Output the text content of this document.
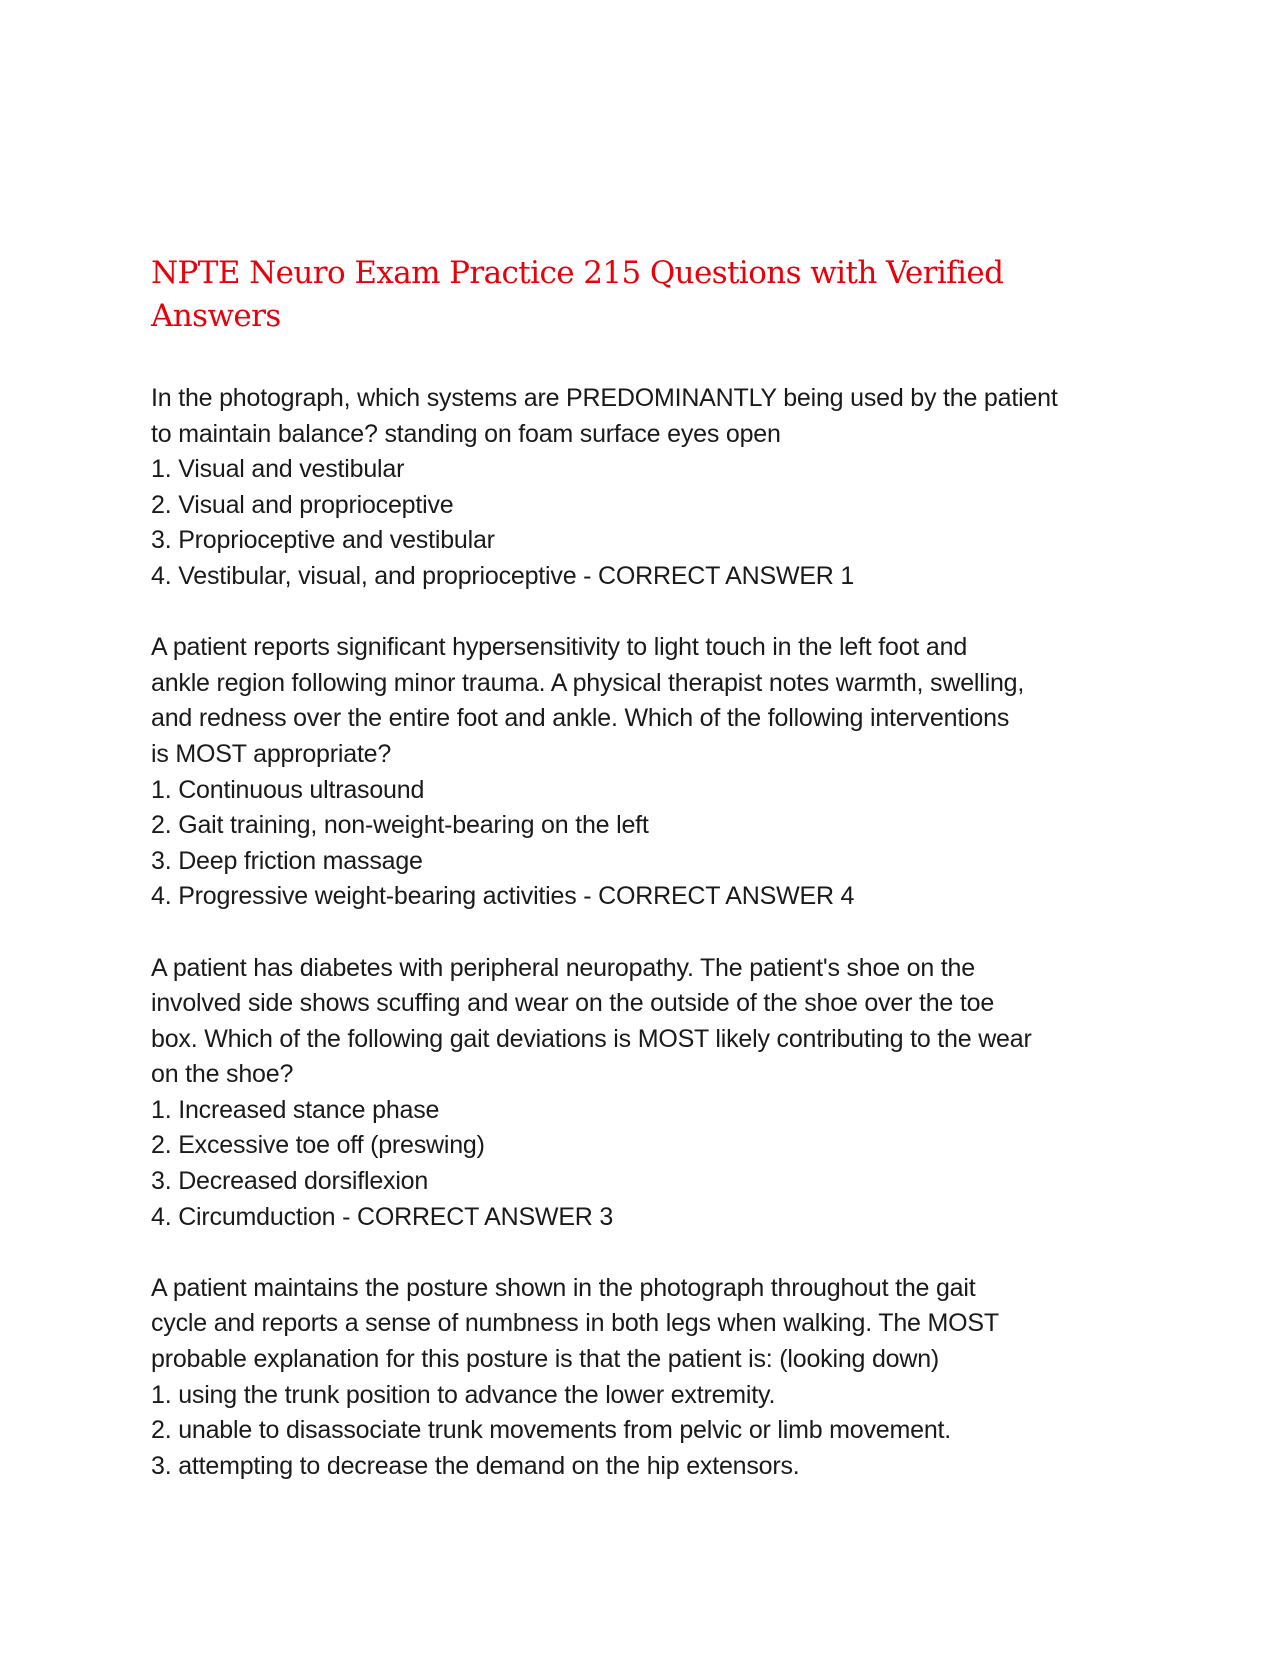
NPTE Neuro Exam Practice 215 Questions with Verified
Answers
In the photograph, which systems are PREDOMINANTLY being used by the patient
to maintain balance? standing on foam surface eyes open
1. Visual and vestibular
2. Visual and proprioceptive
3. Proprioceptive and vestibular
4. Vestibular, visual, and proprioceptive - CORRECT ANSWER 1
A patient reports significant hypersensitivity to light touch in the left foot and
ankle region following minor trauma. A physical therapist notes warmth, swelling,
and redness over the entire foot and ankle. Which of the following interventions
is MOST appropriate?
1. Continuous ultrasound
2. Gait training, non-weight-bearing on the left
3. Deep friction massage
4. Progressive weight-bearing activities - CORRECT ANSWER 4
A patient has diabetes with peripheral neuropathy. The patient's shoe on the
involved side shows scuffing and wear on the outside of the shoe over the toe
box. Which of the following gait deviations is MOST likely contributing to the wear
on the shoe?
1. Increased stance phase
2. Excessive toe off (preswing)
3. Decreased dorsiflexion
4. Circumduction - CORRECT ANSWER 3
A patient maintains the posture shown in the photograph throughout the gait
cycle and reports a sense of numbness in both legs when walking. The MOST
probable explanation for this posture is that the patient is: (looking down)
1. using the trunk position to advance the lower extremity.
2. unable to disassociate trunk movements from pelvic or limb movement.
3. attempting to decrease the demand on the hip extensors.
